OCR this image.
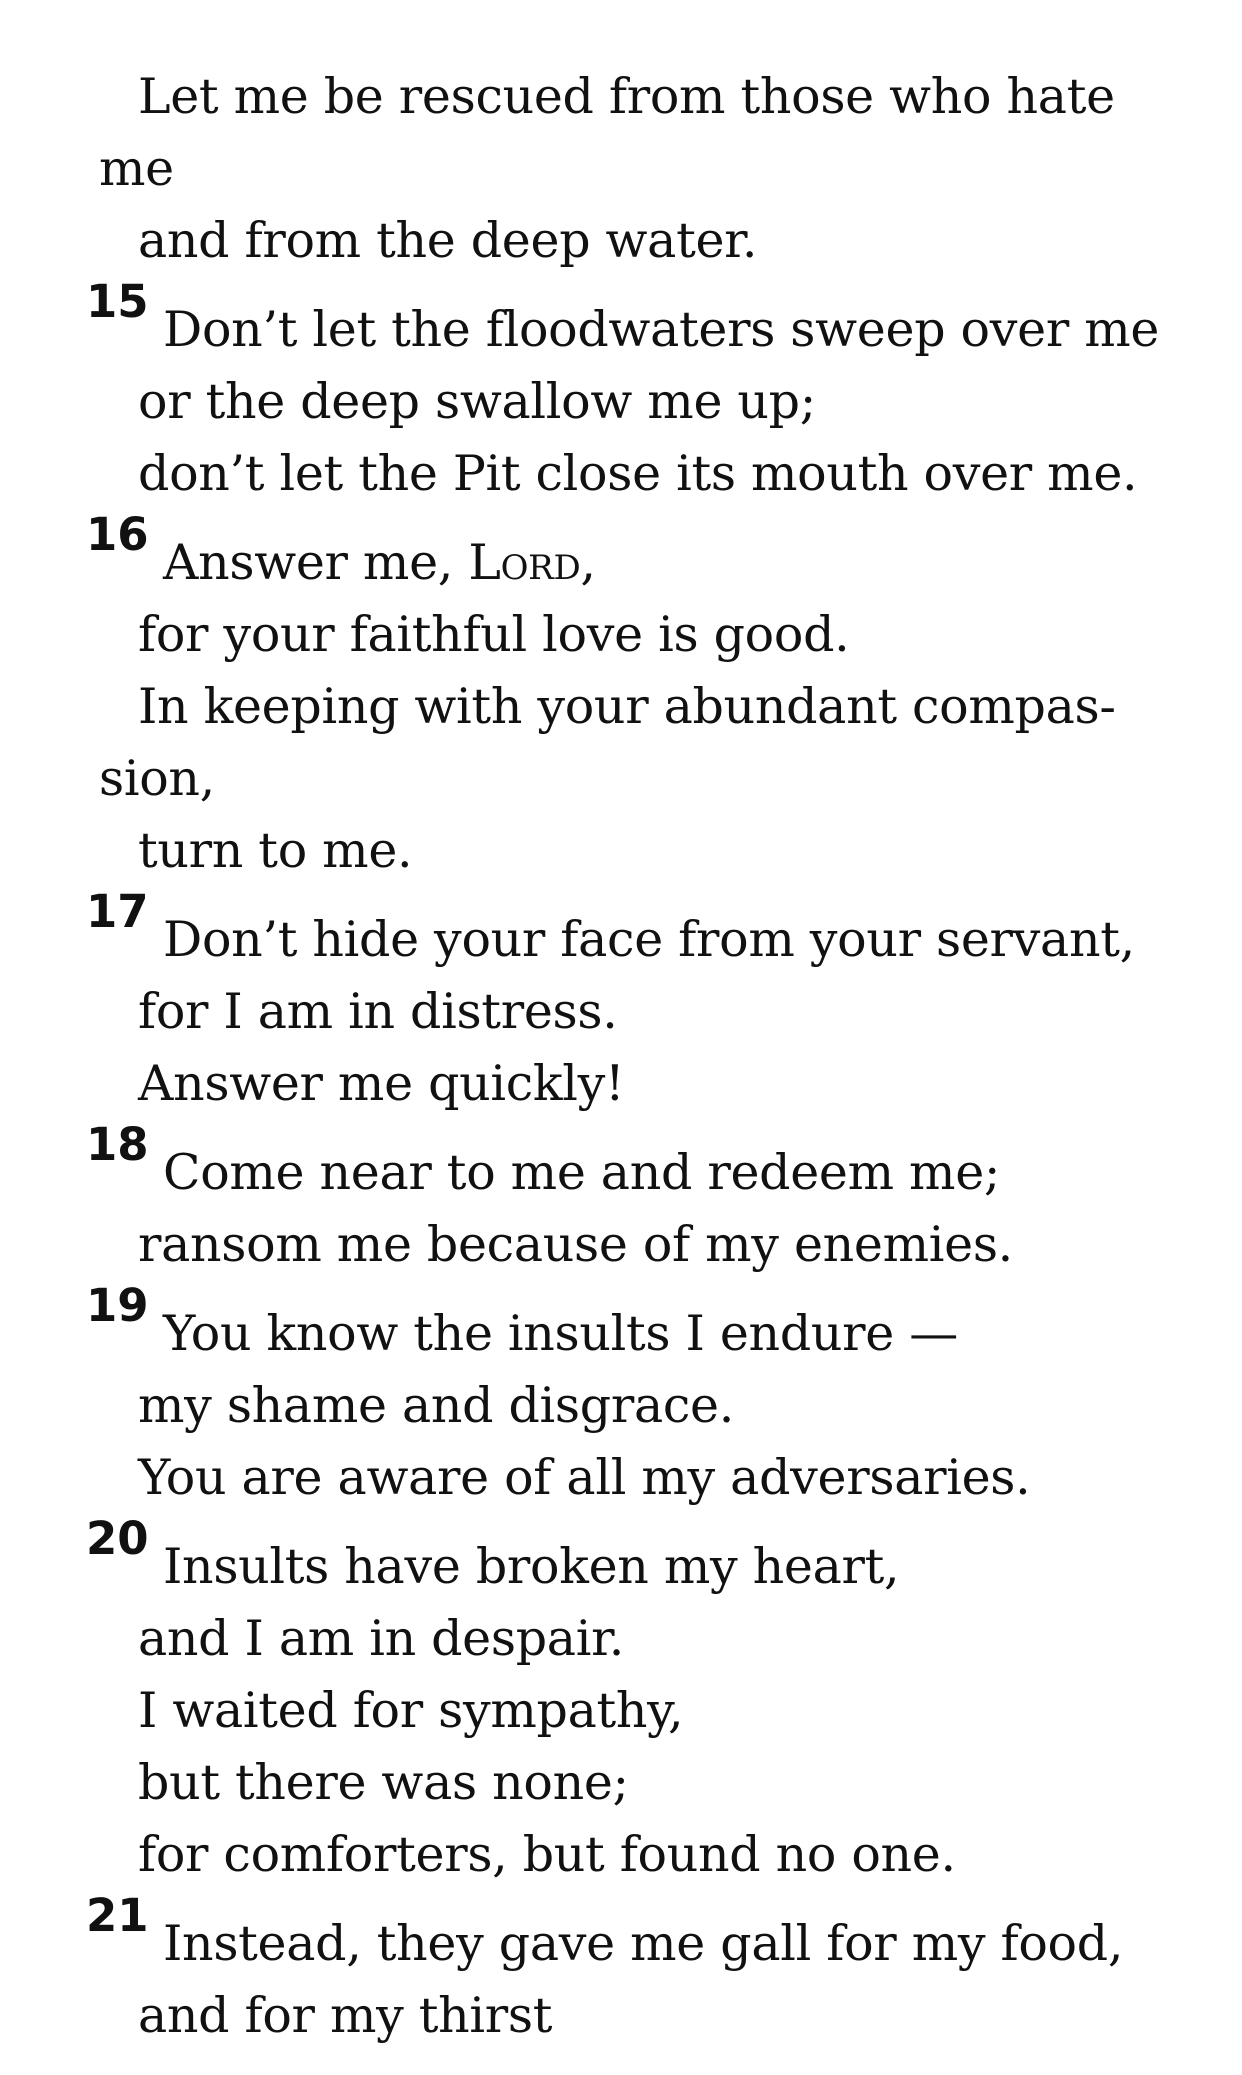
Let me be rescued from those who hate
me
and from the deep water.
15 Don’t let the floodwaters sweep over me
or the deep swallow me up;
don’t let the Pit close its mouth over me.
16 Answer me, Lord,
for your faithful love is good.
In keeping with your abundant compas-
sion,
turn to me.
17 Don’t hide your face from your servant,
for I am in distress.
Answer me quickly!
18 Come near to me and redeem me;
ransom me because of my enemies.
19 You know the insults I endure —
my shame and disgrace.
You are aware of all my adversaries.
20 Insults have broken my heart,
and I am in despair.
I waited for sympathy,
but there was none;
for comforters, but found no one.
21 Instead, they gave me gall for my food,
and for my thirst
